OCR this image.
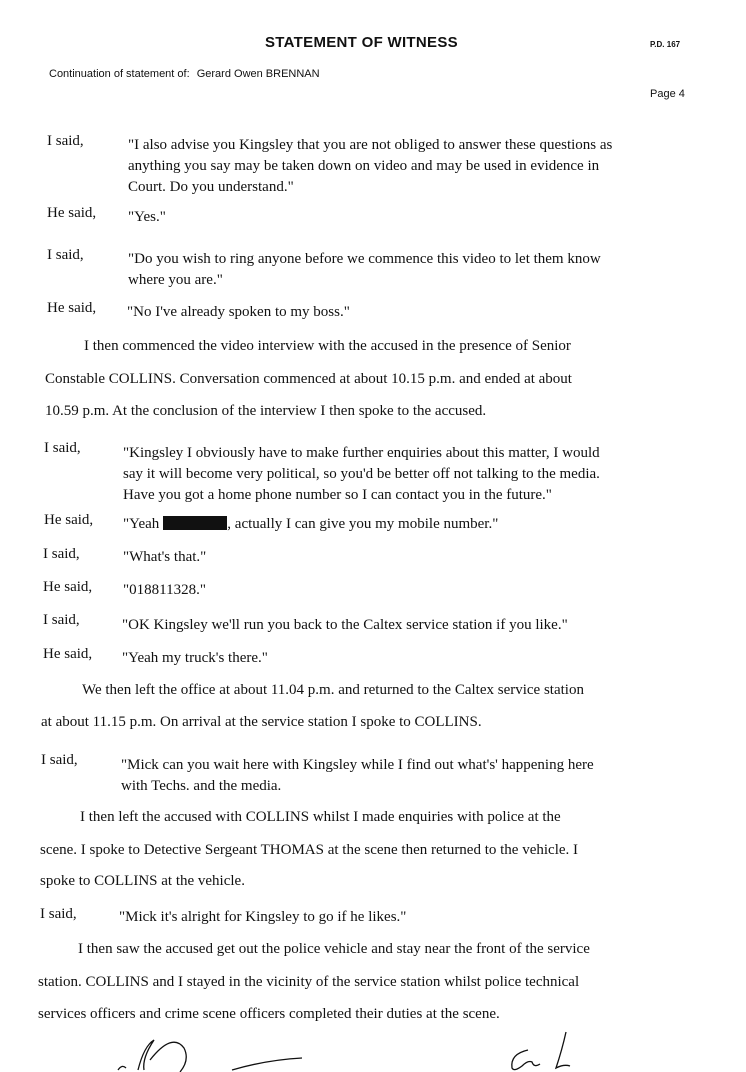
STATEMENT OF WITNESS	P.D. 167
Continuation of statement of: Gerard Owen BRENNAN
Page 4
I said,	"I also advise you Kingsley that you are not obliged to answer these questions as
anything you say may be taken down on video and may be used in evidence in
Court. Do you understand."
He said, "Yes."
I said,	"Do you wish to ring anyone before we commence this video to let them know
where you are."
He said, "No I've already spoken to my boss."
I then commenced the video interview with the accused in the presence of Senior
Constable COLLINS. Conversation commenced at about 10.15 p.m. and ended at about
10.59 p.m. At the conclusion of the interview I then spoke to the accused.
I said,	"Kingsley I obviously have to make further enquiries about this matter, I would
say it will become very political, so you'd be better off not talking to the media.
Have you got a home phone number so I can contact you in the future."
He said, "Yeah	, actually I can give you my mobile number."
I said,	"What's that."
He said, "018811328."
I said,	"OK Kingsley we'll run you back to the Caltex service station if you like."
He said, "Yeah my truck's there."
We then left the office at about 11.04 p.m. and returned to the Caltex service station
at about 11.15 p.m. On arrival at the service station I spoke to COLLINS.
I said,	"Mick can you wait here with Kingsley while I find out what's' happening here
with Techs. and the media.
I then left the accused with COLLINS whilst I made enquiries with police at the
scene. I spoke to Detective Sergeant THOMAS at the scene then returned to the vehicle. I
spoke to COLLINS at the vehicle.
I said,	"Mick it's alright for Kingsley to go if he likes."
I then saw the accused get out the police vehicle and stay near the front of the service
station. COLLINS and I stayed in the vicinity of the service station whilst police technical
services officers and crime scene officers completed their duties at the scene.
